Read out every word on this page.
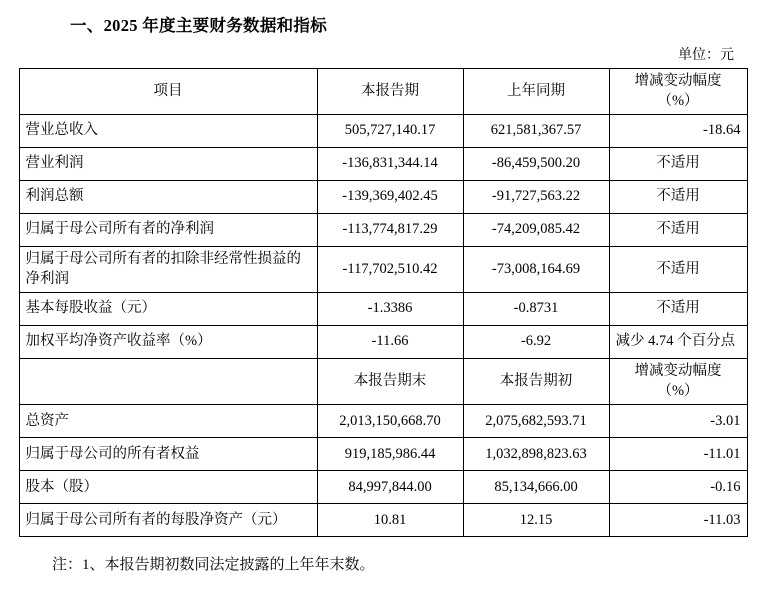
一、2025 年度主要财务数据和指标
单位：元
项目	本报告期	上年同期	增减变动幅度
（%）

营业总收入	505,727,140.17	621,581,367.57	-18.64
营业利润	-136,831,344.14	-86,459,500.20	不适用
利润总额	-139,369,402.45	-91,727,563.22	不适用
归属于母公司所有者的净利润	-113,774,817.29	-74,209,085.42	不适用
归属于母公司所有者的扣除非经常性损益的净利润	-117,702,510.42	-73,008,164.69	不适用
基本每股收益（元）	-1.3386	-0.8731	不适用
加权平均净资产收益率（%）	-11.66	-6.92	减少 4.74 个百分点
	本报告期末	本报告期初	增减变动幅度
（%）

总资产	2,013,150,668.70	2,075,682,593.71	-3.01
归属于母公司的所有者权益	919,185,986.44	1,032,898,823.63	-11.01
股本（股）	84,997,844.00	85,134,666.00	-0.16
归属于母公司所有者的每股净资产（元）	10.81	12.15	-11.03
注：1、本报告期初数同法定披露的上年年末数。
